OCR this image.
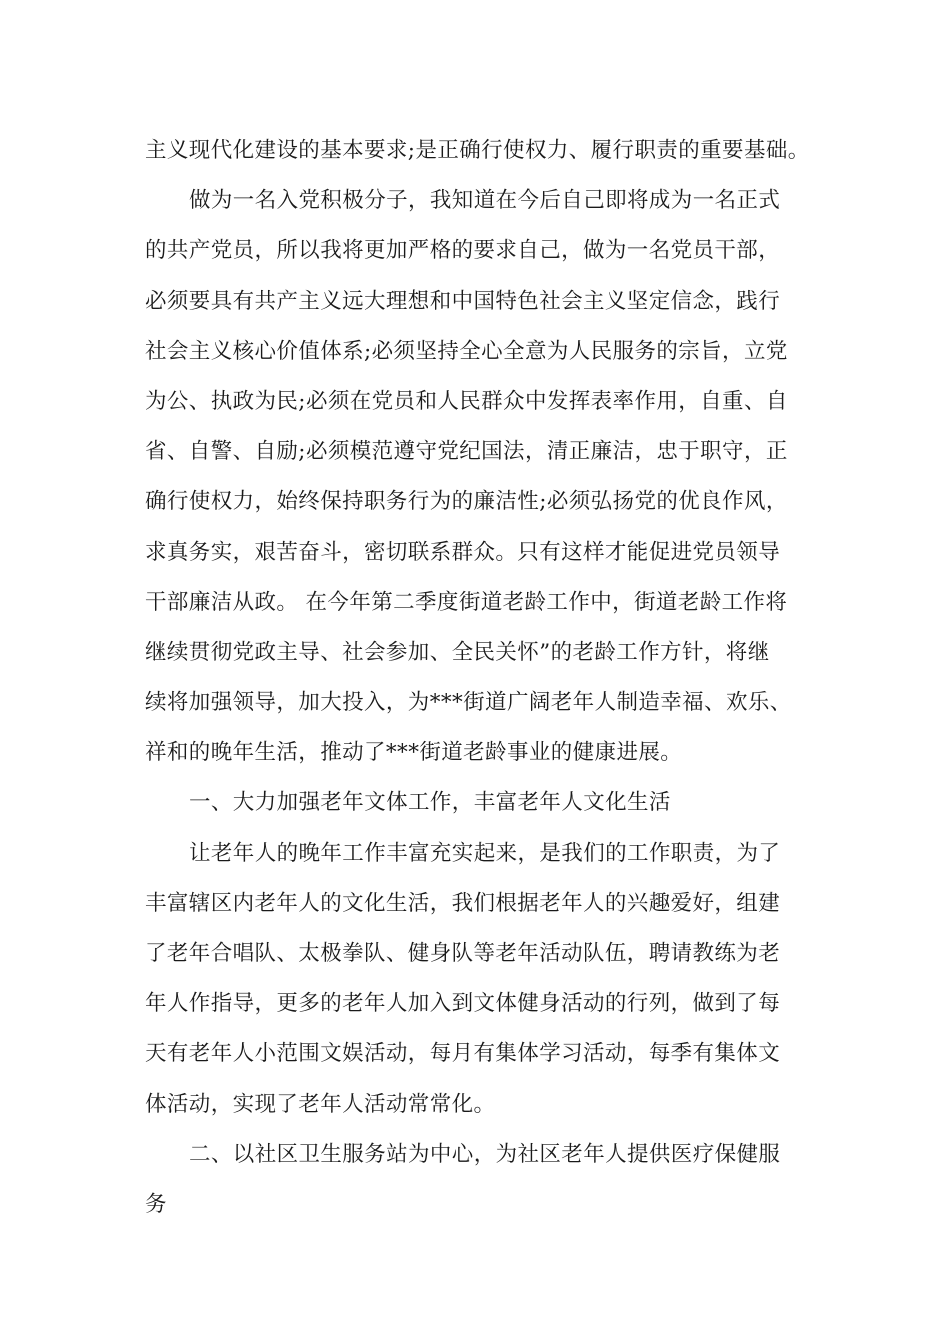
主义现代化建设的基本要求;是正确行使权力、履行职责的重要基础。
做为一名入党积极分子，我知道在今后自己即将成为一名正式
的共产党员，所以我将更加严格的要求自己，做为一名党员干部，
必须要具有共产主义远大理想和中国特色社会主义坚定信念，践行
社会主义核心价值体系;必须坚持全心全意为人民服务的宗旨，立党
为公、执政为民;必须在党员和人民群众中发挥表率作用，自重、自
省、自警、自励;必须模范遵守党纪国法，清正廉洁，忠于职守，正
确行使权力，始终保持职务行为的廉洁性;必须弘扬党的优良作风，
求真务实，艰苦奋斗，密切联系群众。只有这样才能促进党员领导
干部廉洁从政。 在今年第二季度街道老龄工作中，街道老龄工作将
继续贯彻党政主导、社会参加、全民关怀”的老龄工作方针，将继
续将加强领导，加大投入，为***街道广阔老年人制造幸福、欢乐、
祥和的晚年生活，推动了***街道老龄事业的健康进展。
一、大力加强老年文体工作，丰富老年人文化生活
让老年人的晚年工作丰富充实起来，是我们的工作职责，为了
丰富辖区内老年人的文化生活，我们根据老年人的兴趣爱好，组建
了老年合唱队、太极拳队、健身队等老年活动队伍，聘请教练为老
年人作指导，更多的老年人加入到文体健身活动的行列，做到了每
天有老年人小范围文娱活动，每月有集体学习活动，每季有集体文
体活动，实现了老年人活动常常化。
二、以社区卫生服务站为中心，为社区老年人提供医疗保健服
务
